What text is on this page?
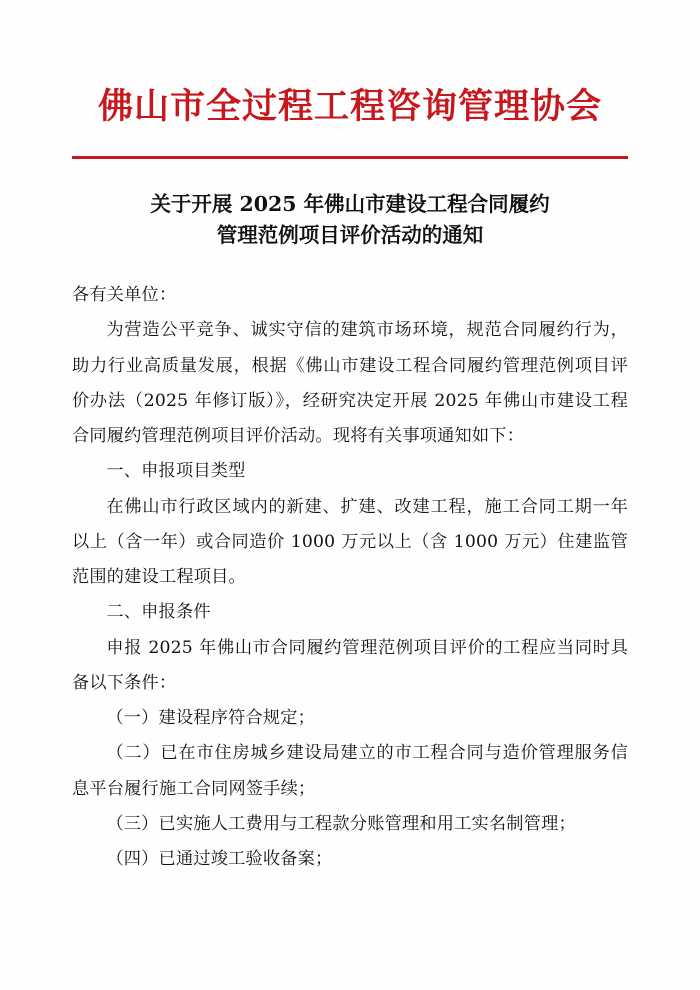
佛山市全过程工程咨询管理协会
关于开展 2025 年佛山市建设工程合同履约
管理范例项目评价活动的通知

各有关单位：

为营造公平竞争、诚实守信的建筑市场环境，规范合同履约行为，助力行业高质量发展，根据《佛山市建设工程合同履约管理范例项目评价办法（2025 年修订版）》，经研究决定开展 2025 年佛山市建设工程合同履约管理范例项目评价活动。现将有关事项通知如下：

一、申报项目类型

在佛山市行政区域内的新建、扩建、改建工程，施工合同工期一年以上（含一年）或合同造价 1000 万元以上（含 1000 万元）住建监管范围的建设工程项目。

二、申报条件

申报 2025 年佛山市合同履约管理范例项目评价的工程应当同时具备以下条件：

（一）建设程序符合规定；

（二）已在市住房城乡建设局建立的市工程合同与造价管理服务信息平台履行施工合同网签手续；

（三）已实施人工费用与工程款分账管理和用工实名制管理；

（四）已通过竣工验收备案；
